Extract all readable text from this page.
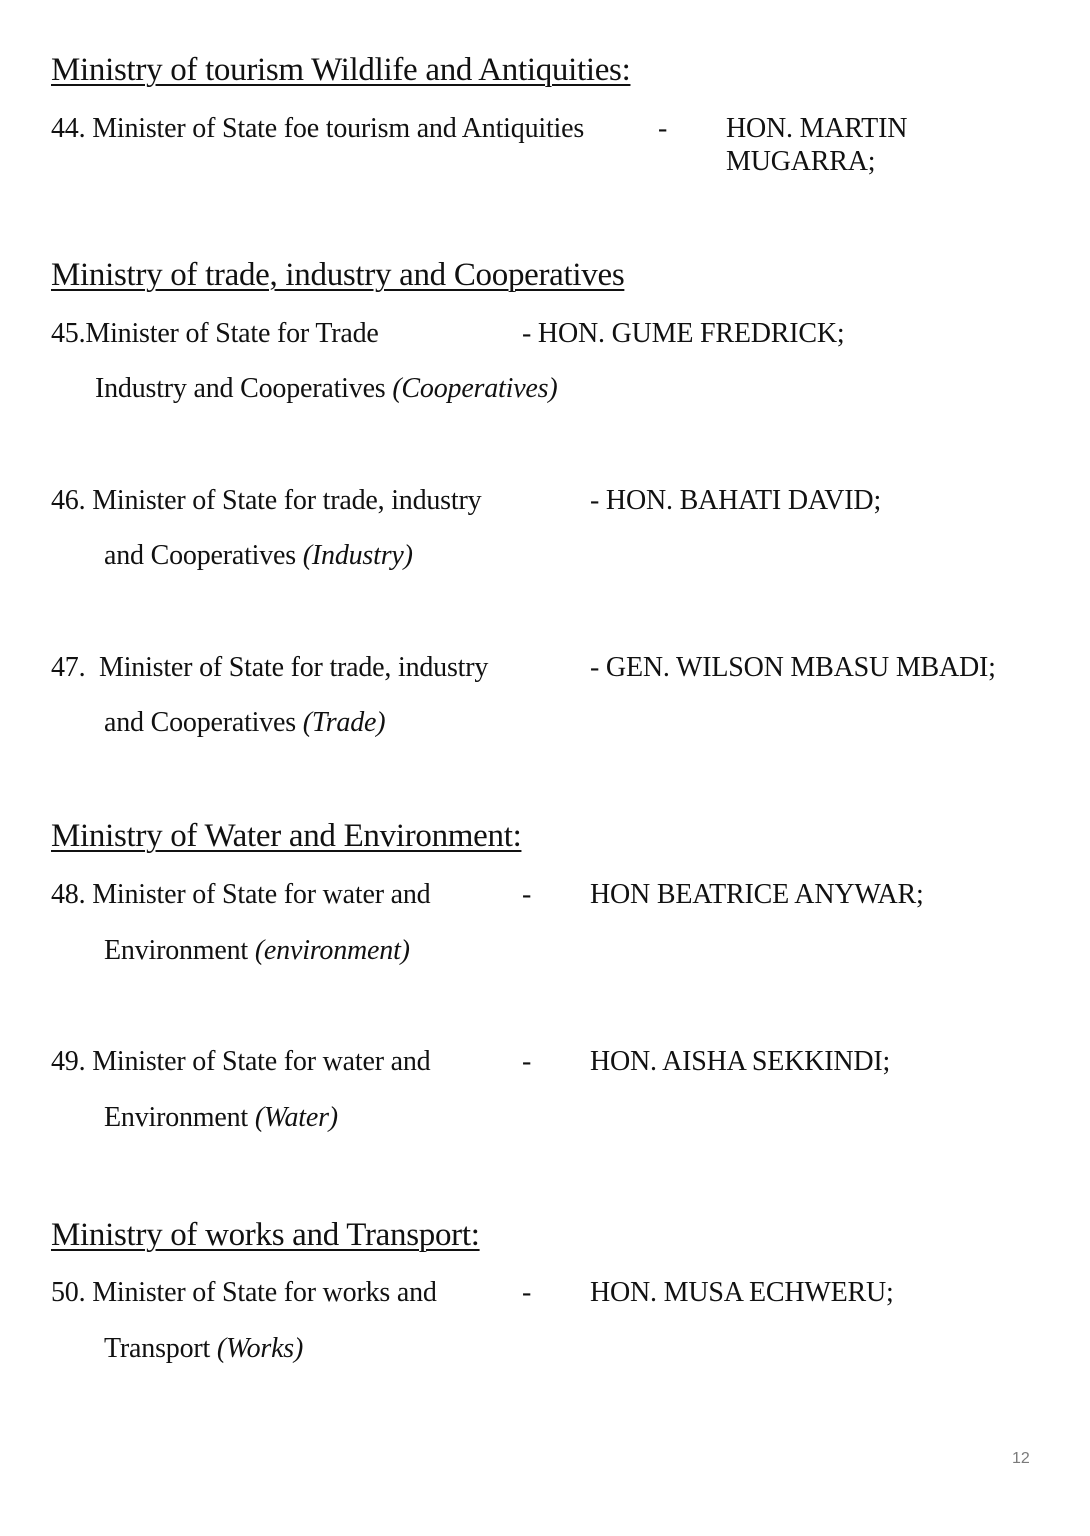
Ministry of tourism Wildlife and Antiquities:
44. Minister of State foe tourism and Antiquities	- HON. MARTIN
MUGARRA;
Ministry of trade, industry and Cooperatives
45.Minister of State for Trade	- HON. GUME FREDRICK;
Industry and Cooperatives (Cooperatives)
46. Minister of State for trade, industry	- HON. BAHATI DAVID;
and Cooperatives (Industry)
47.  Minister of State for trade, industry	- GEN. WILSON MBASU MBADI;
and Cooperatives (Trade)
Ministry of Water and Environment:
48. Minister of State for water and	- HON BEATRICE ANYWAR;
Environment (environment)
49. Minister of State for water and	- HON. AISHA SEKKINDI;
Environment (Water)
Ministry of works and Transport:
50. Minister of State for works and	- HON. MUSA ECHWERU;
Transport (Works)
12
